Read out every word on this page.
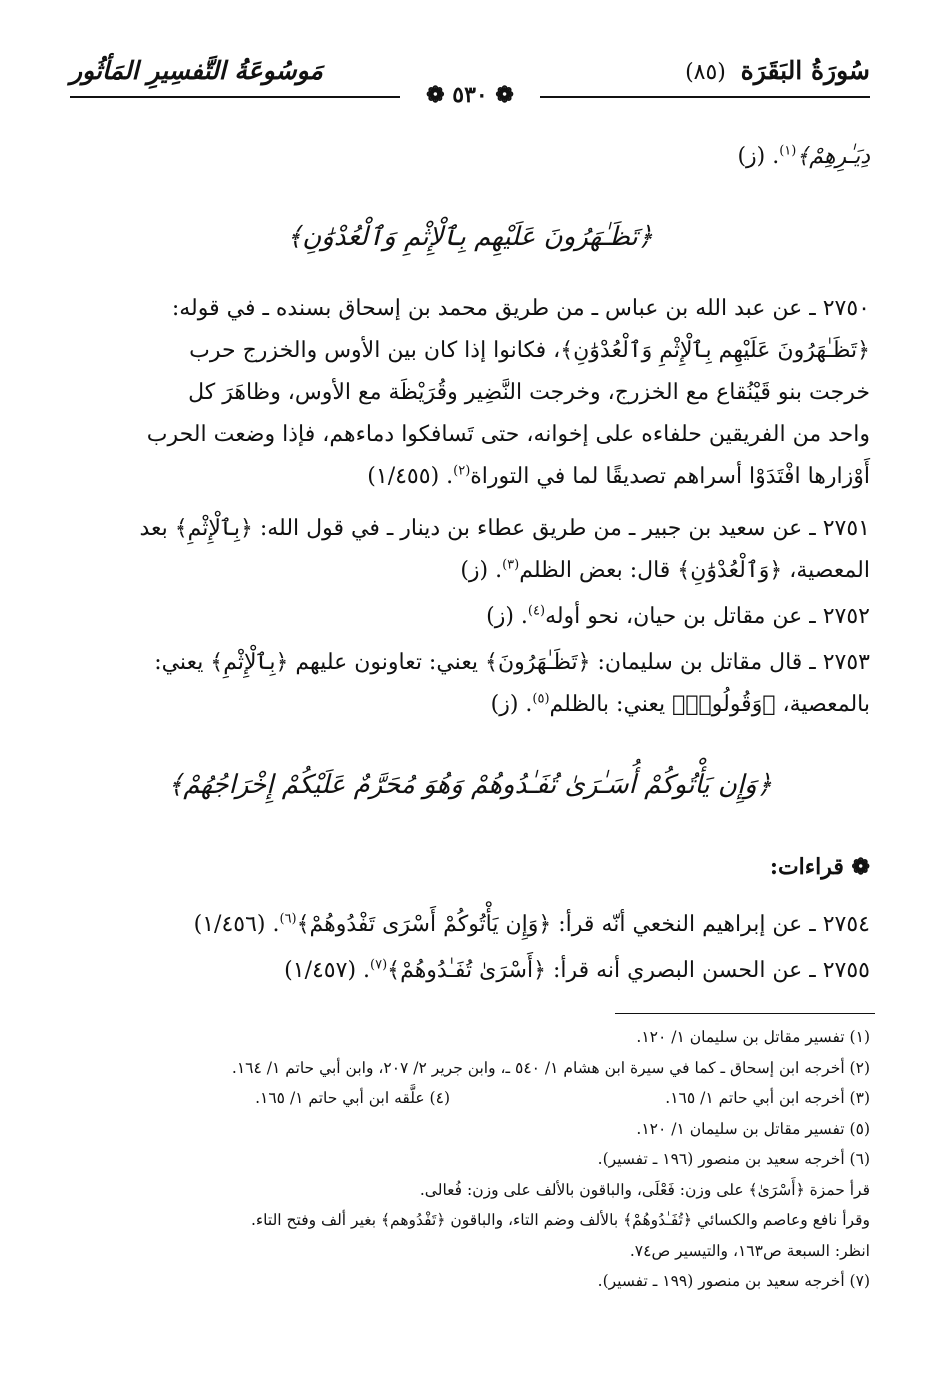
سُورَةُ البَقَرَة (٨٥)
مَوسُوعَةُ التَّفسِيرِ المَأثُور
❁ ٥٣٠ ❁
دِيَـٰرِهِمْ﴾$^{(١)}$. (ز)
﴿تَظَـٰهَرُونَ عَلَيْهِم بِٱلْإِثْمِ وَٱلْعُدْوَٰنِ﴾
٢٧٥٠ ـ عن عبد الله بن عباس ـ من طريق محمد بن إسحاق بسنده ـ في قوله:
﴿تَظَـٰهَرُونَ عَلَيْهِم بِٱلْإِثْمِ وَٱلْعُدْوَٰنِ﴾، فكانوا إذا كان بين الأوس والخزرج حرب
خرجت بنو قَيْنُقاع مع الخزرج، وخرجت النَّضِير وقُرَيْظَة مع الأوس، وظاهَرَ كل
واحد من الفريقين حلفاءه على إخوانه، حتى تَسافكوا دماءهم، فإذا وضعت الحرب
أَوْزارها افْتَدَوْا أسراهم تصديقًا لما في التوراة$^{(٢)}$. (١/٤٥٥)
٢٧٥١ ـ عن سعيد بن جبير ـ من طريق عطاء بن دينار ـ في قول الله: ﴿بِٱلْإِثْمِ﴾ بعد
المعصية، ﴿وَٱلْعُدْوَٰنِ﴾ قال: بعض الظلم$^{(٣)}$. (ز)
٢٧٥٢ ـ عن مقاتل بن حيان، نحو أوله$^{(٤)}$. (ز)
٢٧٥٣ ـ قال مقاتل بن سليمان: ﴿تَظَـٰهَرُونَ﴾ يعني: تعاونون عليهم ﴿بِٱلْإِثْمِ﴾ يعني:
بالمعصية، ﴿وَقُولُوا۟﴾ يعني: بالظلم$^{(٥)}$. (ز)
﴿وَإِن يَأْتُوكُمْ أُسَـٰرَىٰ تُفَـٰدُوهُمْ وَهُوَ مُحَرَّمٌ عَلَيْكُمْ إِخْرَاجُهُمْ﴾
❁ قراءات:
٢٧٥٤ ـ عن إبراهيم النخعي أنّه قرأ: ﴿وَإِن يَأْتُوكُمْ أَسْرَى تَفْدُوهُمْ﴾$^{(٦)}$. (١/٤٥٦)
٢٧٥٥ ـ عن الحسن البصري أنه قرأ: ﴿أَسْرَىٰ تُفَـٰدُوهُمْ﴾$^{(٧)}$. (١/٤٥٧)
(١) تفسير مقاتل بن سليمان ١/ ١٢٠.
(٢) أخرجه ابن إسحاق ـ كما في سيرة ابن هشام ١/ ٥٤٠ ـ، وابن جرير ٢/ ٢٠٧، وابن أبي حاتم ١/ ١٦٤.
(٣) أخرجه ابن أبي حاتم ١/ ١٦٥.(٤) علَّقه ابن أبي حاتم ١/ ١٦٥.
(٥) تفسير مقاتل بن سليمان ١/ ١٢٠.
(٦) أخرجه سعيد بن منصور (١٩٦ ـ تفسير).
قرأ حمزة ﴿أَسْرَىٰ﴾ على وزن: فَعْلَى، والباقون بالألف على وزن: فُعالى.
وقرأ نافع وعاصم والكسائي ﴿تُفَـٰدُوهُمْ﴾ بالألف وضم التاء، والباقون ﴿تَفْدُوهم﴾ بغير ألف وفتح التاء.
انظر: السبعة ص١٦٣، والتيسير ص٧٤.
(٧) أخرجه سعيد بن منصور (١٩٩ ـ تفسير).
